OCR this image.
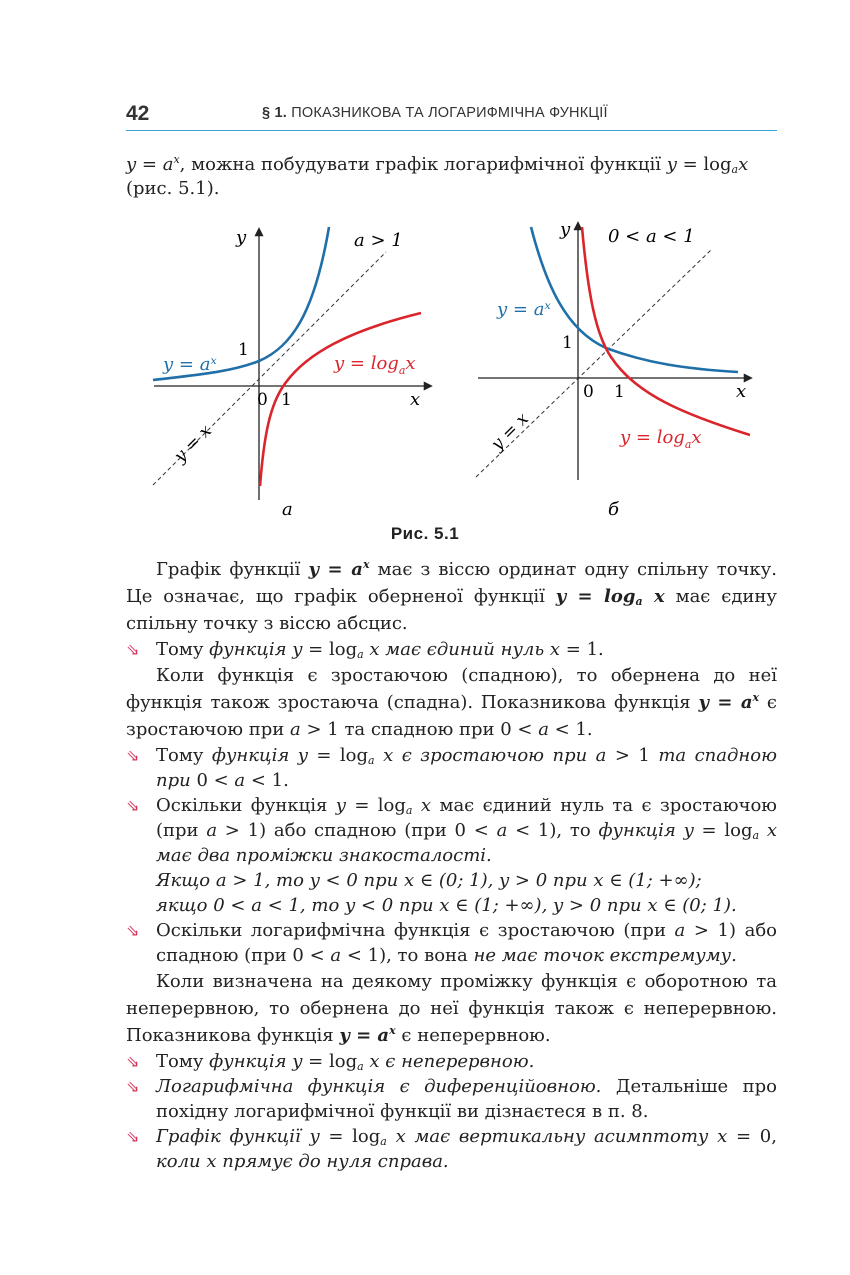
42	§ 1. ПОКАЗНИКОВА ТА ЛОГАРИФМІЧНА ФУНКЦІЇ
$y = a^x$, можна побудувати графік логарифмічної функції $y = \log_ax$
(рис. 5.1).
y	a > 1
1
y = aˣ	$y = \log_ax$
0 1	x
y = x
а
y 0 < a < 1
y = aˣ
1
0 1	x
y = x	$y = \log_ax$
б
Рис. 5.1

Графік функції $y = a^x$ має з віссю ординат одну спільну точку. Це означає, що графік оберненої функції $y = \log_a x$ має єдину спільну точку з віссю абсцис.

⇘ Тому функція $y = \log_a x$ має єдиний нуль x = 1.

Коли функція є зростаючою (спадною), то обернена до неї функція також зростаюча (спадна). Показникова функція $y = a^x$ є зростаючою при a > 1 та спадною при 0 < a < 1.

⇘ Тому функція $y = \log_a x$ є зростаючою при a > 1 та спадною при 0 < a < 1.

⇘ Оскільки функція $y = \log_a x$ має єдиний нуль та є зростаючою (при a > 1) або спадною (при 0 < a < 1), то функція $y = \log_a x$ має два проміжки знакосталості.

Якщо a > 1, то y < 0 при x ∈ (0; 1), y > 0 при x ∈ (1; +∞);

якщо 0 < a < 1, то y < 0 при x ∈ (1; +∞), y > 0 при x ∈ (0; 1).

⇘ Оскільки логарифмічна функція є зростаючою (при a > 1) або спадною (при 0 < a < 1), то вона не має точок екстремуму.

Коли визначена на деякому проміжку функція є оборотною та неперервною, то обернена до неї функція також є неперервною. Показникова функція $y = a^x$ є неперервною.

⇘ Тому функція $y = \log_a x$ є неперервною.

⇘ Логарифмічна функція є диференційовною. Детальніше про похідну логарифмічної функції ви дізнаєтеся в п. 8.

⇘ Графік функції $y = \log_a x$ має вертикальну асимптоту x = 0, коли x прямує до нуля справа.
